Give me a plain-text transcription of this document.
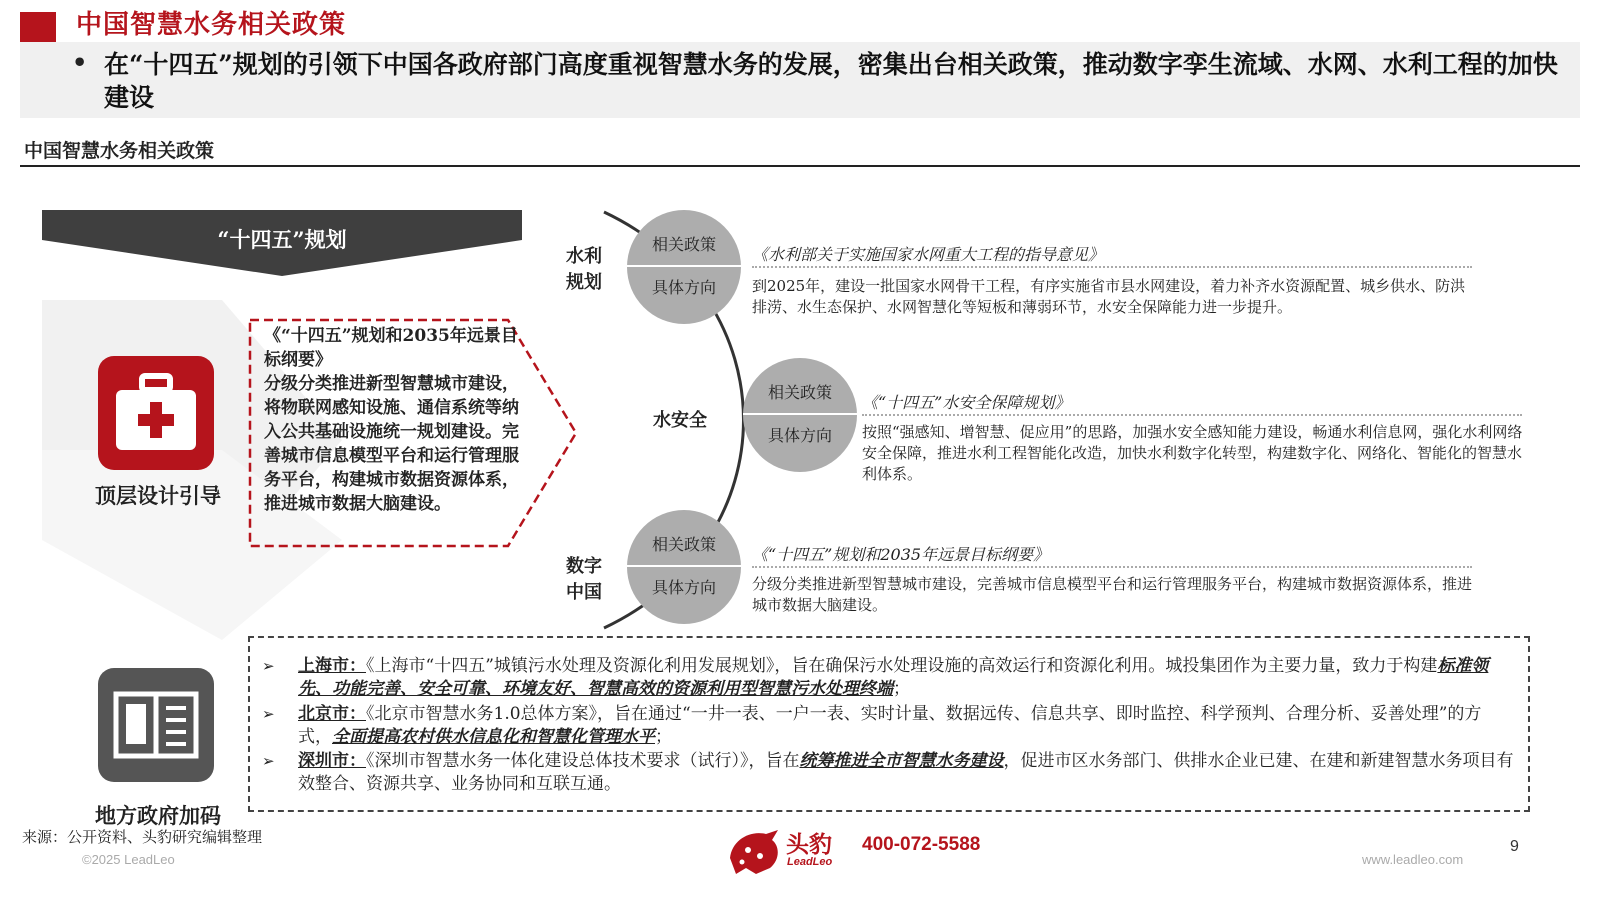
中国智慧水务相关政策
• 在“十四五”规划的引领下中国各政府部门高度重视智慧水务的发展，密集出台相关政策，推动数字孪生流域、水网、水利工程的加快建设
中国智慧水务相关政策
“十四五”规划
顶层设计引导
地方政府加码
《“十四五”规划和2035年远景目标纲要》
分级分类推进新型智慧城市建设，将物联网感知设施、通信系统等纳入公共基础设施统一规划建设。完善城市信息模型平台和运行管理服务平台，构建城市数据资源体系，推进城市数据大脑建设。
相关政策
具体方向
相关政策
具体方向
相关政策
具体方向
水利规划
水安全
数字中国
《水利部关于实施国家水网重大工程的指导意见》
到2025年，建设一批国家水网骨干工程，有序实施省市县水网建设，着力补齐水资源配置、城乡供水、防洪排涝、水生态保护、水网智慧化等短板和薄弱环节，水安全保障能力进一步提升。
《“十四五”水安全保障规划》
按照“强感知、增智慧、促应用”的思路，加强水安全感知能力建设，畅通水利信息网，强化水利网络安全保障，推进水利工程智能化改造，加快水利数字化转型，构建数字化、网络化、智能化的智慧水利体系。
《“十四五”规划和2035年远景目标纲要》
分级分类推进新型智慧城市建设，完善城市信息模型平台和运行管理服务平台，构建城市数据资源体系，推进城市数据大脑建设。
➢ 上海市：《上海市“十四五”城镇污水处理及资源化利用发展规划》，旨在确保污水处理设施的高效运行和资源化利用。城投集团作为主要力量，致力于构建标准领先、功能完善、安全可靠、环境友好、智慧高效的资源利用型智慧污水处理终端；
➢ 北京市：《北京市智慧水务1.0总体方案》，旨在通过“一井一表、一户一表、实时计量、数据远传、信息共享、即时监控、科学预判、合理分析、妥善处理”的方式，全面提高农村供水信息化和智慧化管理水平；
➢ 深圳市：《深圳市智慧水务一体化建设总体技术要求（试行）》，旨在统筹推进全市智慧水务建设，促进市区水务部门、供排水企业已建、在建和新建智慧水务项目有效整合、资源共享、业务协同和互联互通。
来源：公开资料、头豹研究编辑整理
©2025 LeadLeo
头豹
LeadLeo
400-072-5588
www.leadleo.com
9
